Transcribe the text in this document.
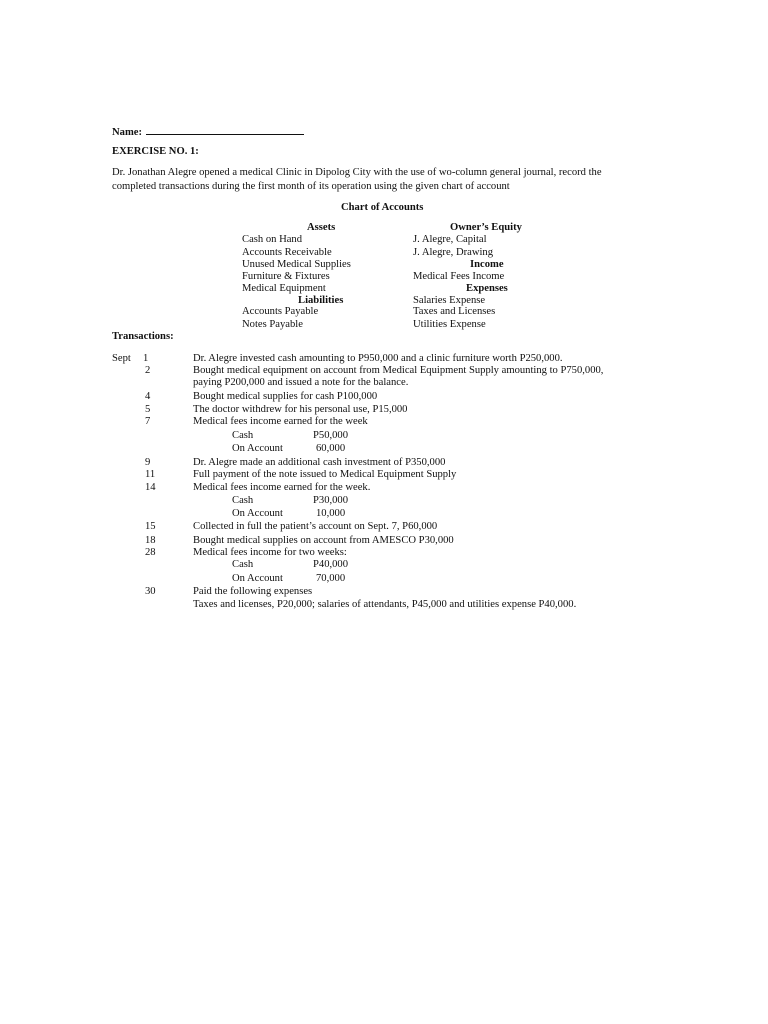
Name:
EXERCISE NO. 1:
Dr. Jonathan Alegre opened a medical Clinic in Dipolog City with the use of wo-column general journal, record the
completed transactions during the first month of its operation using the given chart of account
Chart of Accounts
Assets
Cash on Hand
Accounts Receivable
Unused Medical Supplies
Furniture & Fixtures
Medical Equipment
Liabilities
Accounts Payable
Notes Payable
Owner’s Equity
J. Alegre, Capital
J. Alegre, Drawing
Income
Medical Fees Income
Expenses
Salaries Expense
Taxes and Licenses
Utilities Expense
Transactions:
Sept 1	Dr. Alegre invested cash amounting to P950,000 and a clinic furniture worth P250,000.
2	Bought medical equipment on account from Medical Equipment Supply amounting to P750,000,
paying P200,000 and issued a note for the balance.
4	Bought medical supplies for cash P100,000
5	The doctor withdrew for his personal use, P15,000
7	Medical fees income earned for the week
Cash	P50,000
On Account	60,000
9	Dr. Alegre made an additional cash investment of P350,000
11	Full payment of the note issued to Medical Equipment Supply
14	Medical fees income earned for the week.
Cash	P30,000
On Account	10,000
15	Collected in full the patient’s account on Sept. 7, P60,000
18	Bought medical supplies on account from AMESCO P30,000
28	Medical fees income for two weeks:
Cash	P40,000
On Account	70,000
30	Paid the following expenses
Taxes and licenses, P20,000; salaries of attendants, P45,000 and utilities expense P40,000.
